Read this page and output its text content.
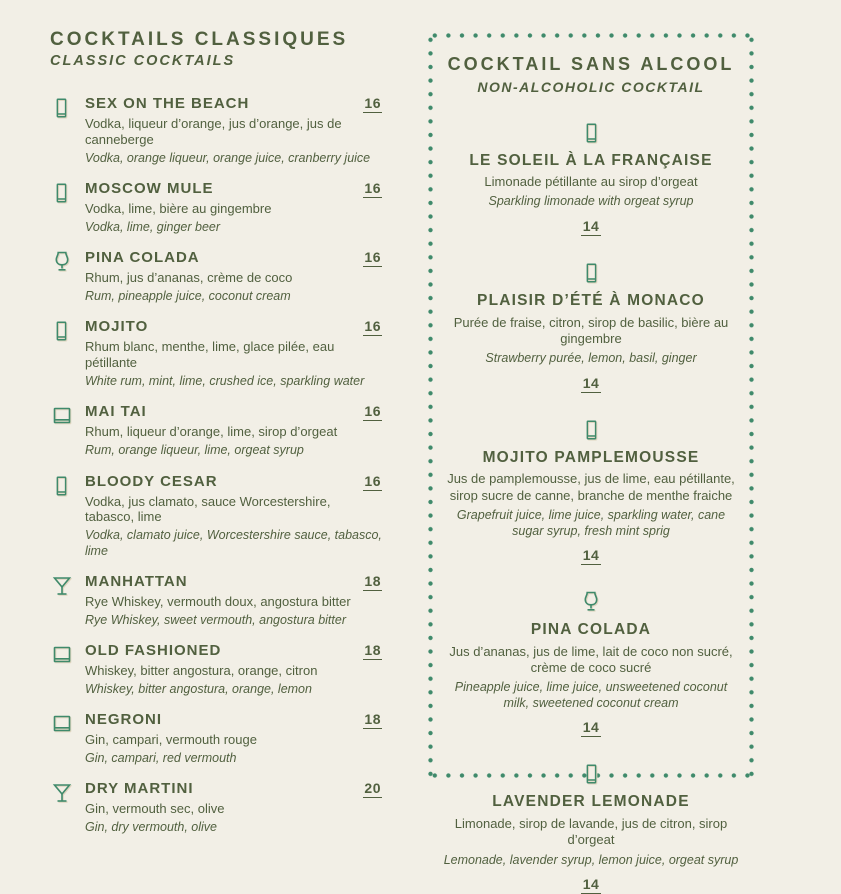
COCKTAILS CLASSIQUES
CLASSIC COCKTAILS
SEX ON THE BEACH	16
Vodka, liqueur d’orange, jus d’orange, jus de canneberge
Vodka, orange liqueur, orange juice, cranberry juice
MOSCOW MULE	16
Vodka, lime, bière au gingembre
Vodka, lime, ginger beer
PINA COLADA	16
Rhum, jus d’ananas, crème de coco
Rum, pineapple juice, coconut cream
MOJITO	16
Rhum blanc, menthe, lime, glace pilée, eau pétillante
White rum, mint, lime, crushed ice, sparkling water
MAI TAI	16
Rhum, liqueur d’orange, lime, sirop d’orgeat
Rum, orange liqueur, lime, orgeat syrup
BLOODY CESAR	16
Vodka, jus clamato, sauce Worcestershire, tabasco, lime
Vodka, clamato juice, Worcestershire sauce, tabasco, lime
MANHATTAN	18
Rye Whiskey, vermouth doux, angostura bitter
Rye Whiskey, sweet vermouth, angostura bitter
OLD FASHIONED	18
Whiskey, bitter angostura, orange, citron
Whiskey, bitter angostura, orange, lemon
NEGRONI	18
Gin, campari, vermouth rouge
Gin, campari, red vermouth
DRY MARTINI	20
Gin, vermouth sec, olive
Gin, dry vermouth, olive
COCKTAIL SANS ALCOOL
NON-ALCOHOLIC COCKTAIL
LE SOLEIL À LA FRANÇAISE
Limonade pétillante au sirop d’orgeat
Sparkling limonade with orgeat syrup
14
PLAISIR D’ÉTÉ À MONACO
Purée de fraise, citron, sirop de basilic, bière au gingembre
Strawberry purée, lemon, basil, ginger
14
MOJITO PAMPLEMOUSSE
Jus de pamplemousse, jus de lime, eau pétillante, sirop sucre de canne, branche de menthe fraiche
Grapefruit juice, lime juice, sparkling water, cane sugar syrup, fresh mint sprig
14
PINA COLADA
Jus d’ananas, jus de lime, lait de coco non sucré, crème de coco sucré
Pineapple juice, lime juice, unsweetened coconut milk, sweetened coconut cream
14
LAVENDER LEMONADE
Limonade, sirop de lavande, jus de citron, sirop d’orgeat
Lemonade, lavender syrup, lemon juice, orgeat syrup
14
